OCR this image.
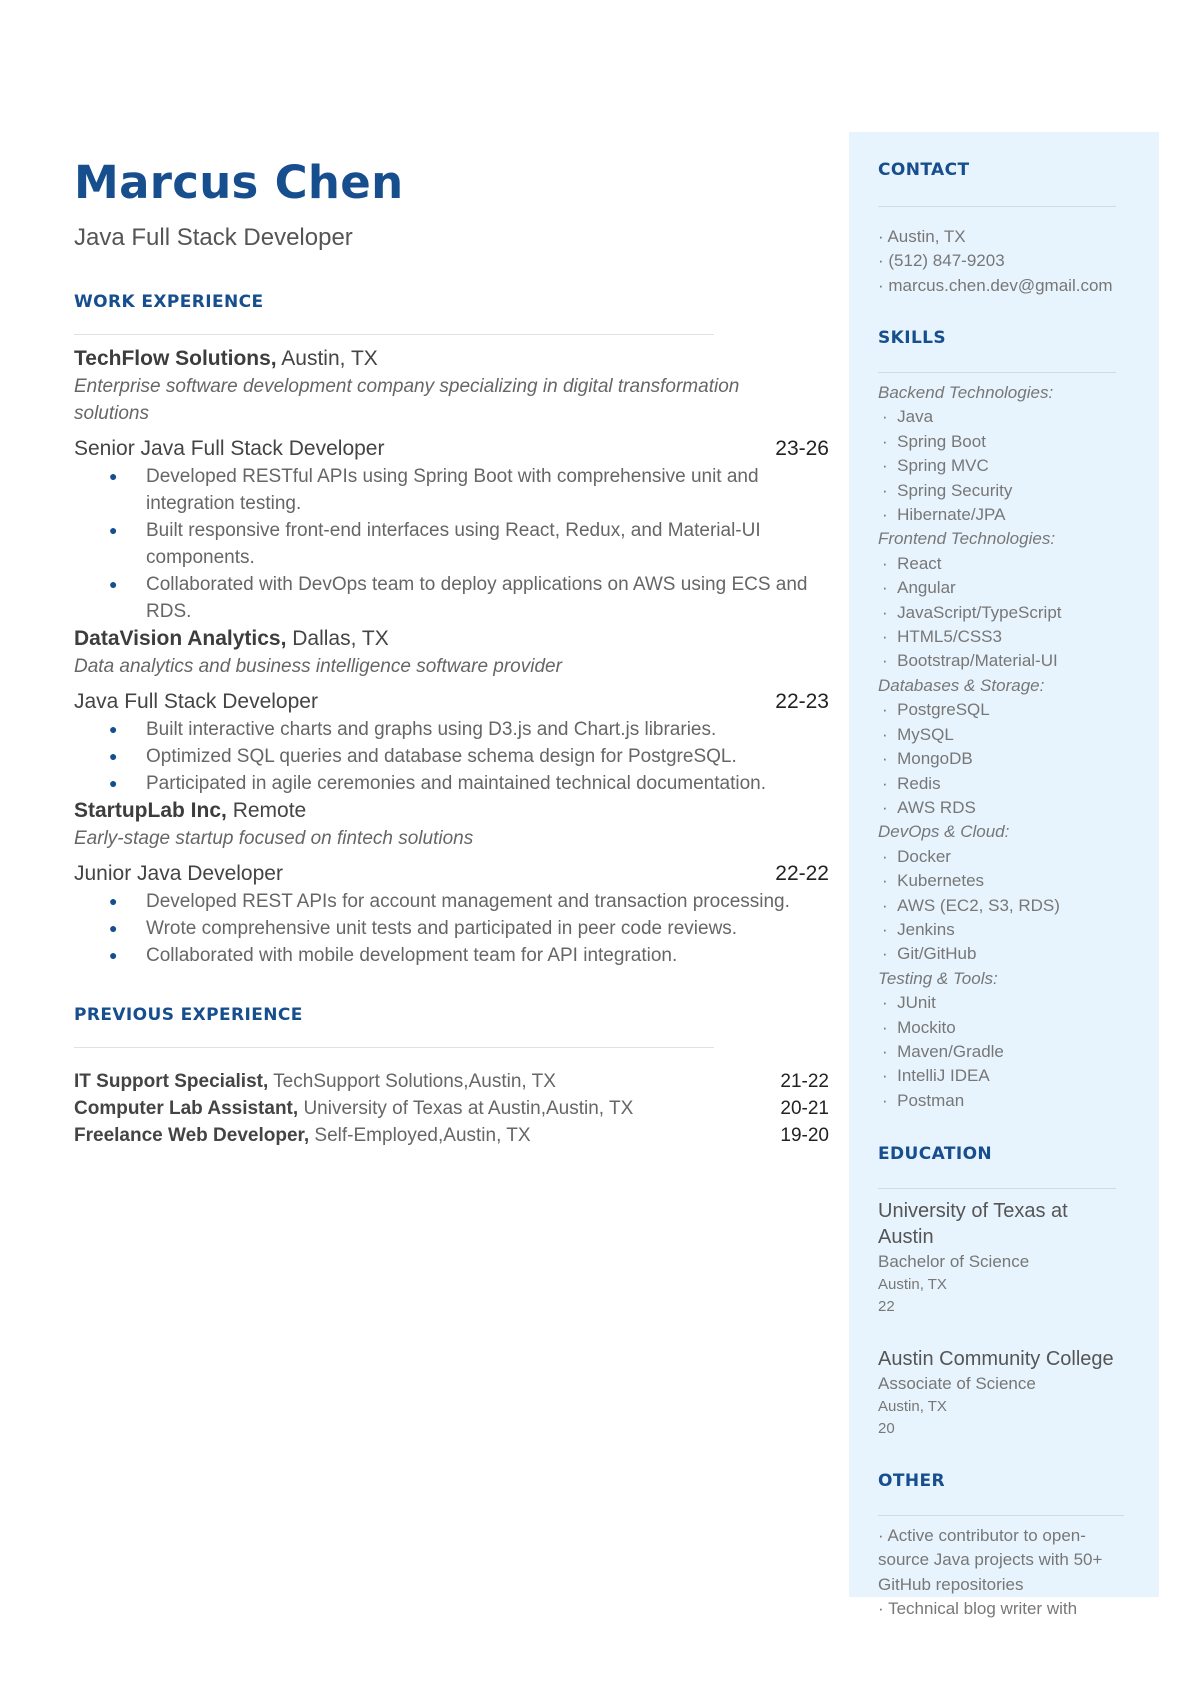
Marcus Chen
Java Full Stack Developer
WORK EXPERIENCE
TechFlow Solutions, Austin, TX
Enterprise software development company specializing in digital transformation solutions
Senior Java Full Stack Developer	23-26
● Developed RESTful APIs using Spring Boot with comprehensive unit and integration testing.
● Built responsive front-end interfaces using React, Redux, and Material-UI components.
● Collaborated with DevOps team to deploy applications on AWS using ECS and RDS.
DataVision Analytics, Dallas, TX
Data analytics and business intelligence software provider
Java Full Stack Developer	22-23
● Built interactive charts and graphs using D3.js and Chart.js libraries.
● Optimized SQL queries and database schema design for PostgreSQL.
● Participated in agile ceremonies and maintained technical documentation.
StartupLab Inc, Remote
Early-stage startup focused on fintech solutions
Junior Java Developer	22-22
● Developed REST APIs for account management and transaction processing.
● Wrote comprehensive unit tests and participated in peer code reviews.
● Collaborated with mobile development team for API integration.
PREVIOUS EXPERIENCE
IT Support Specialist, TechSupport Solutions,Austin, TX	21-22
Computer Lab Assistant, University of Texas at Austin,Austin, TX	20-21
Freelance Web Developer, Self-Employed,Austin, TX	19-20
CONTACT
· Austin, TX
· (512) 847-9203
· marcus.chen.dev@gmail.com
SKILLS
Backend Technologies:
·  Java
·  Spring Boot
·  Spring MVC
·  Spring Security
·  Hibernate/JPA
Frontend Technologies:
·  React
·  Angular
·  JavaScript/TypeScript
·  HTML5/CSS3
·  Bootstrap/Material-UI
Databases & Storage:
·  PostgreSQL
·  MySQL
·  MongoDB
·  Redis
·  AWS RDS
DevOps & Cloud:
·  Docker
·  Kubernetes
·  AWS (EC2, S3, RDS)
·  Jenkins
·  Git/GitHub
Testing & Tools:
·  JUnit
·  Mockito
·  Maven/Gradle
·  IntelliJ IDEA
·  Postman
EDUCATION
University of Texas at Austin
Bachelor of Science
Austin, TX
22
Austin Community College
Associate of Science
Austin, TX
20
OTHER
· Active contributor to open-source Java projects with 50+ GitHub repositories
· Technical blog writer with
